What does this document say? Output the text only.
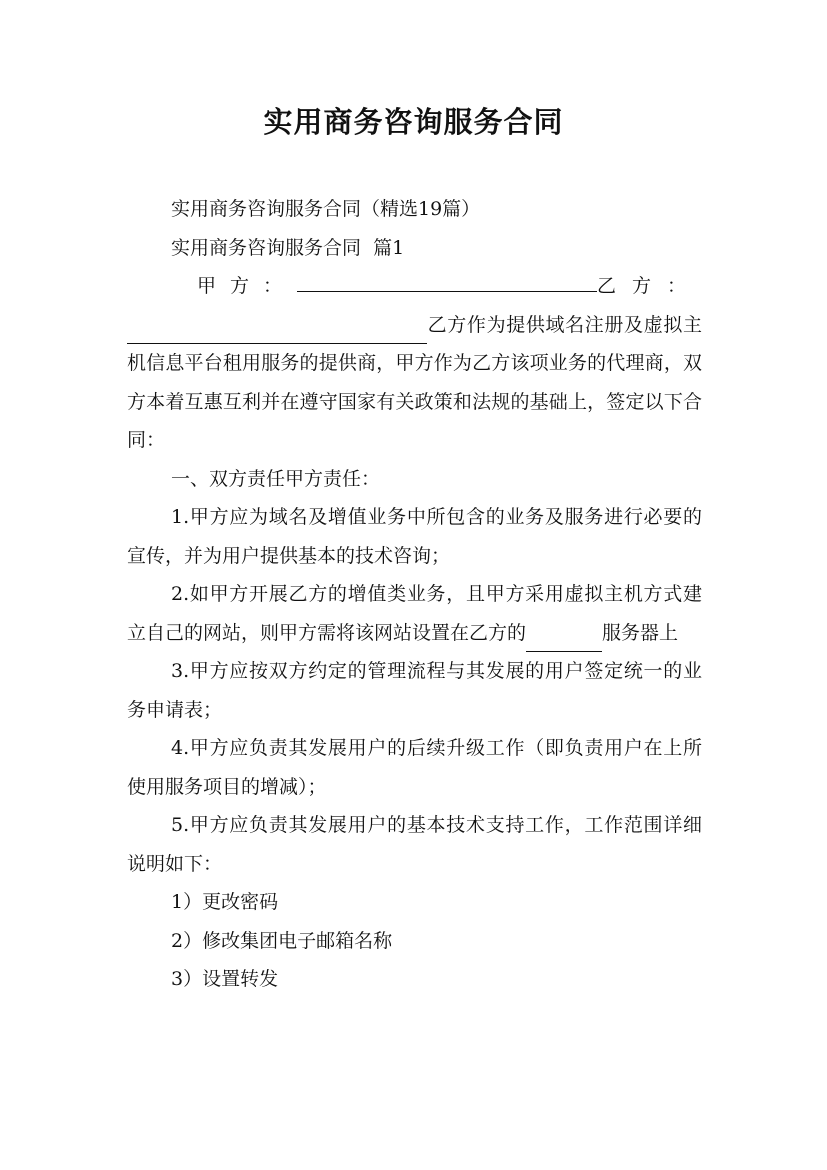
实用商务咨询服务合同

实用商务咨询服务合同（精选19篇）

实用商务咨询服务合同  篇1

甲方：	乙方：

乙方作为提供域名注册及虚拟主机信息平台租用服务的提供商，甲方作为乙方该项业务的代理商，双方本着互惠互利并在遵守国家有关政策和法规的基础上，签定以下合同：

一、双方责任甲方责任：

1.甲方应为域名及增值业务中所包含的业务及服务进行必要的宣传，并为用户提供基本的技术咨询；

2.如甲方开展乙方的增值类业务，且甲方采用虚拟主机方式建立自己的网站，则甲方需将该网站设置在乙方的	服务器上

3.甲方应按双方约定的管理流程与其发展的用户签定统一的业务申请表；

4.甲方应负责其发展用户的后续升级工作（即负责用户在上所使用服务项目的增减）；

5.甲方应负责其发展用户的基本技术支持工作，工作范围详细说明如下：

1）更改密码

2）修改集团电子邮箱名称

3）设置转发
